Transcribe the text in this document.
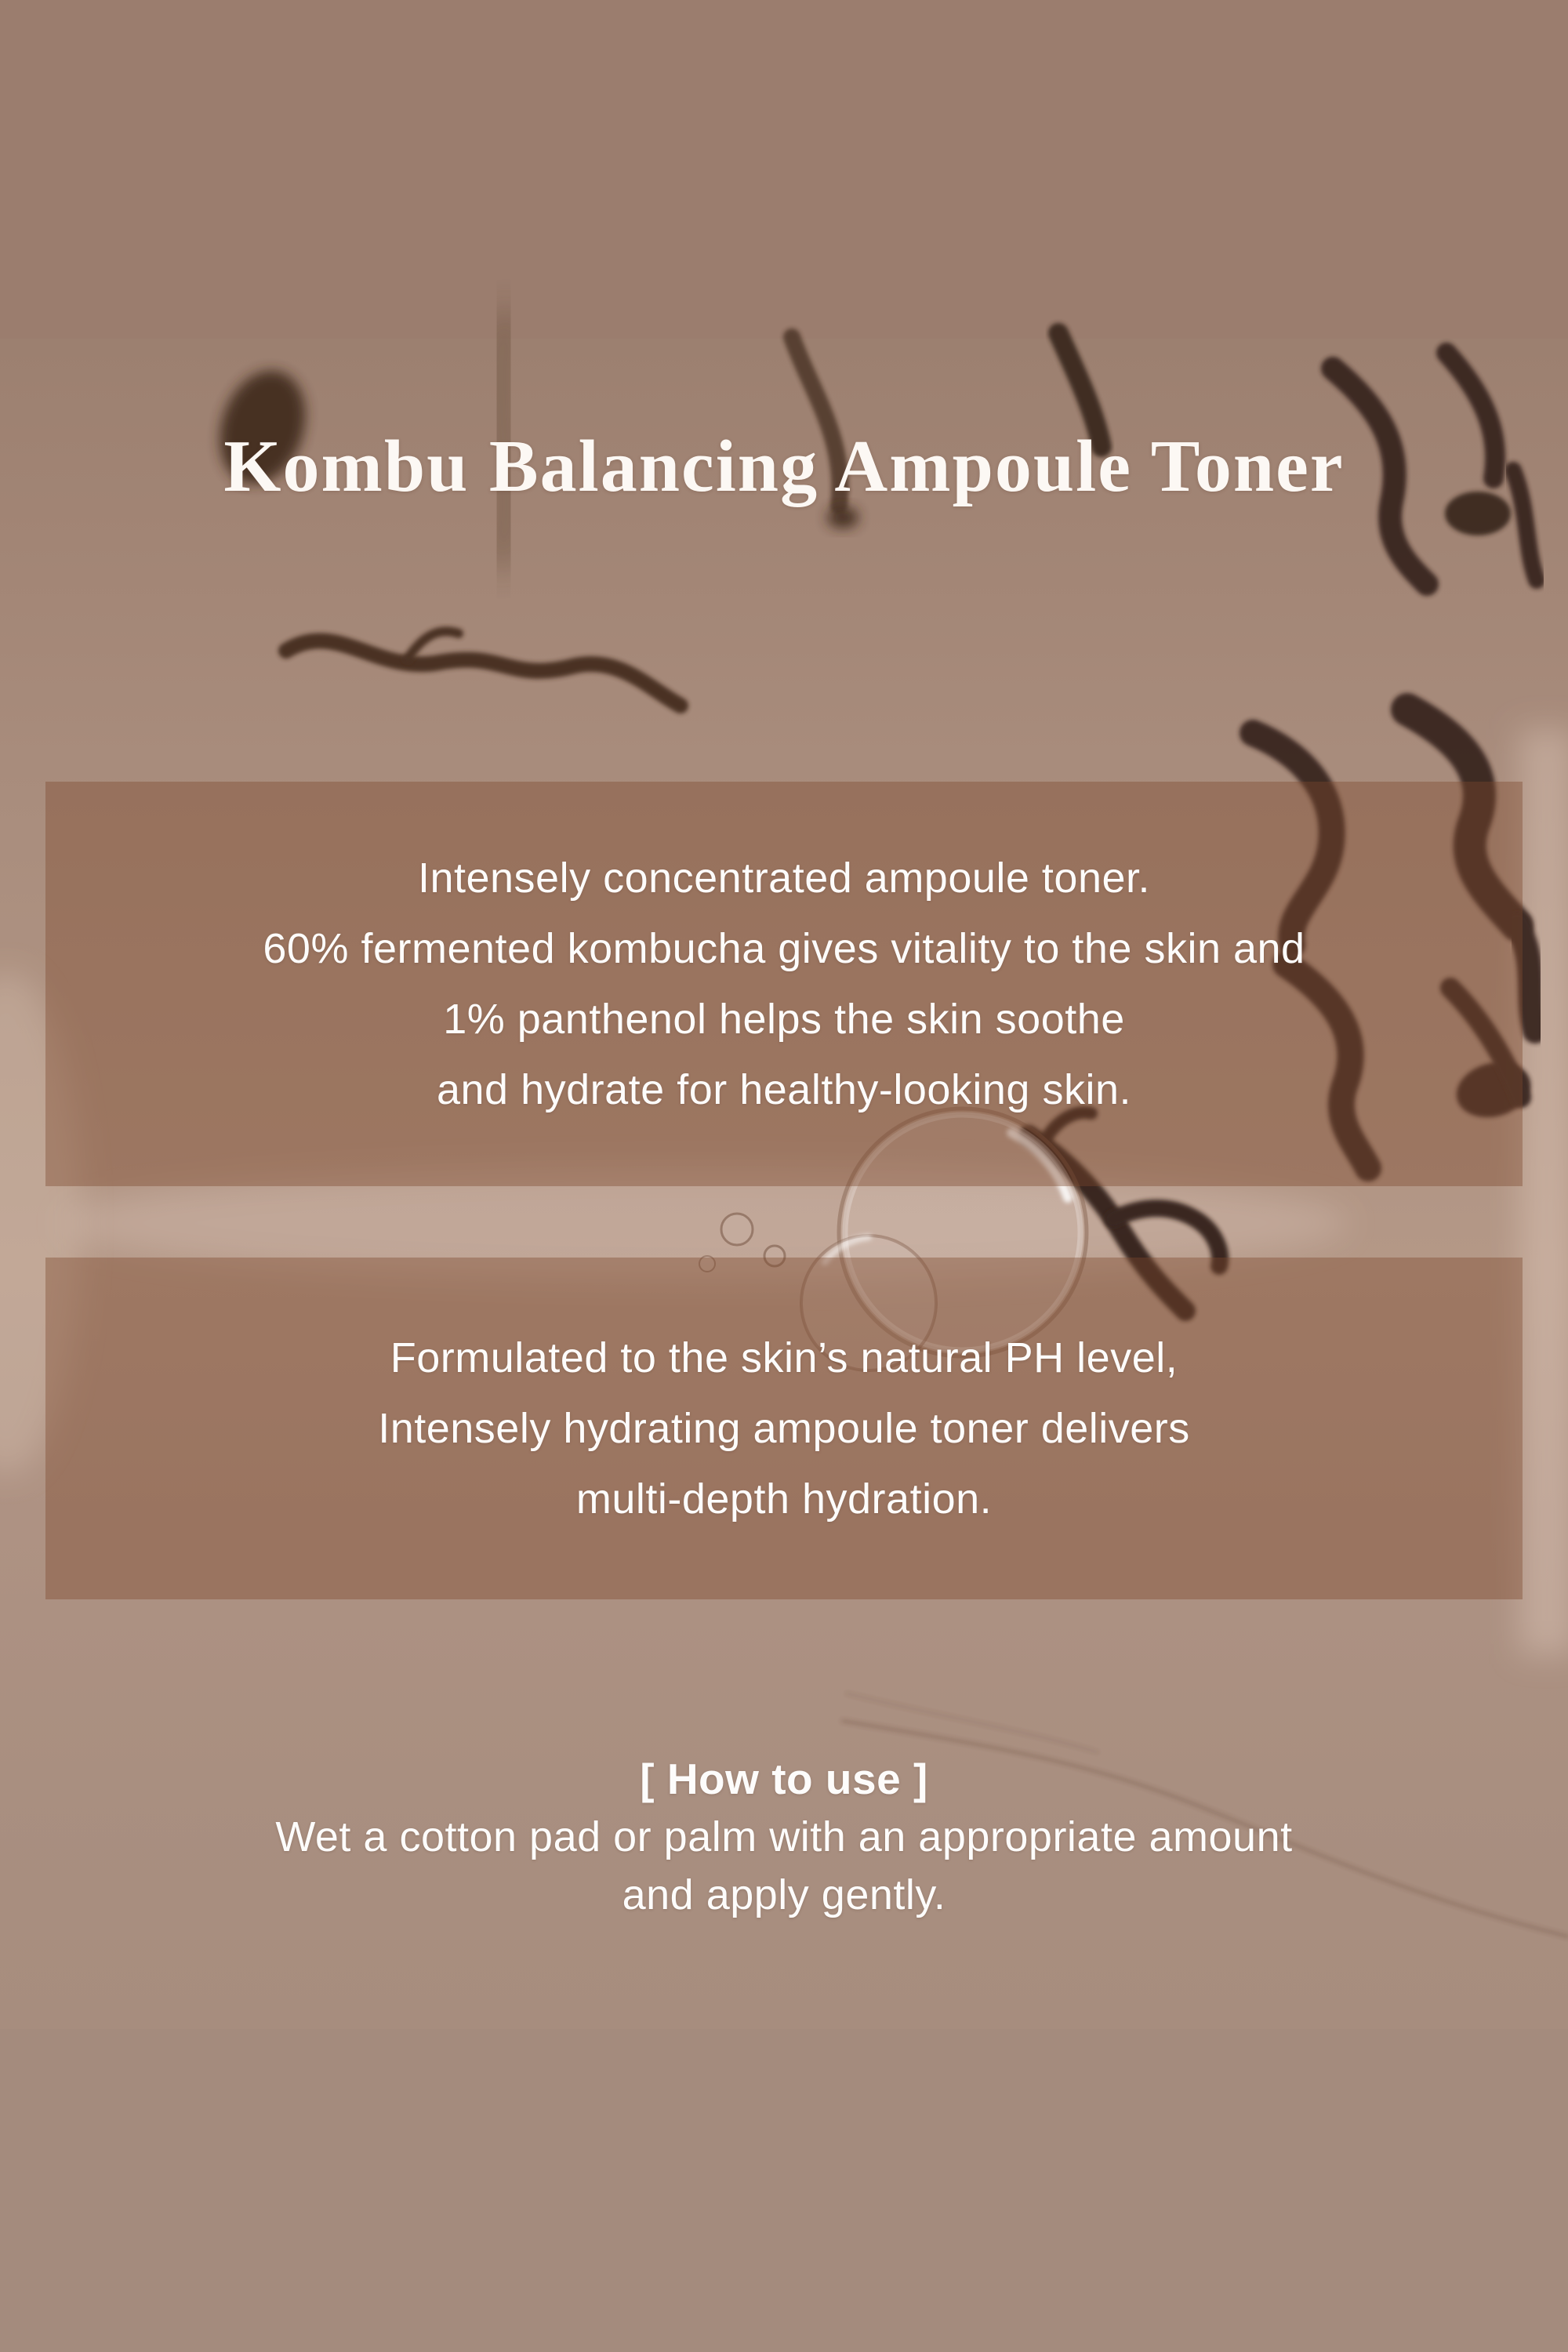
Kombu Balancing Ampoule Toner
Intensely concentrated ampoule toner.
60% fermented kombucha gives vitality to the skin and
1% panthenol helps the skin soothe
and hydrate for healthy-looking skin.
Formulated to the skin’s natural PH level,
Intensely hydrating ampoule toner delivers
multi-depth hydration.
[ How to use ]
Wet a cotton pad or palm with an appropriate amount
and apply gently.
